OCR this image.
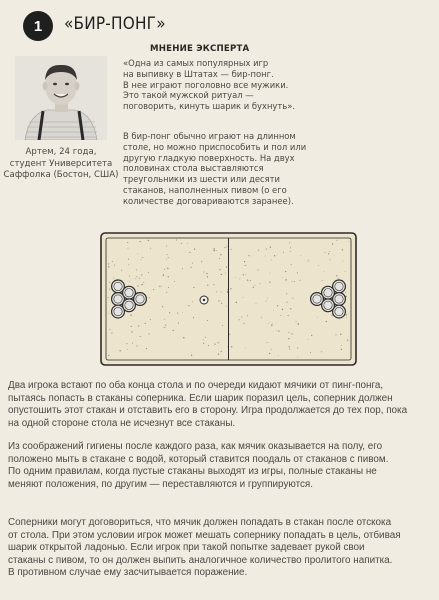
1 «БИР-ПОНГ»
Артем, 24 года,
студент Университета
Саффолка (Бостон, США)
МНЕНИЕ ЭКСПЕРТА
«Одна из самых популярных игр
на выпивку в Штатах — бир-понг.
В нее играют поголовно все мужики.
Это такой мужской ритуал —
поговорить, кинуть шарик и бухнуть».
В бир-понг обычно играют на длинном
столе, но можно приспособить и пол или
другую гладкую поверхность. На двух
половинах стола выставляются
треугольники из шести или десяти
стаканов, наполненных пивом (о его
количестве договариваются заранее).
Два игрока встают по оба конца стола и по очереди кидают мячики от пинг-понга,
пытаясь попасть в стаканы соперника. Если шарик поразил цель, соперник должен
опустошить этот стакан и отставить его в сторону. Игра продолжается до тех пор, пока
на одной стороне стола не исчезнут все стаканы.
Из соображений гигиены после каждого раза, как мячик оказывается на полу, его
положено мыть в стакане с водой, который ставится поодаль от стаканов с пивом.
По одним правилам, когда пустые стаканы выходят из игры, полные стаканы не
меняют положения, по другим — переставляются и группируются.
Соперники могут договориться, что мячик должен попадать в стакан после отскока
от стола. При этом условии игрок может мешать сопернику попадать в цель, отбивая
шарик открытой ладонью. Если игрок при такой попытке задевает рукой свои
стаканы с пивом, то он должен выпить аналогичное количество пролитого напитка.
В противном случае ему засчитывается поражение.
